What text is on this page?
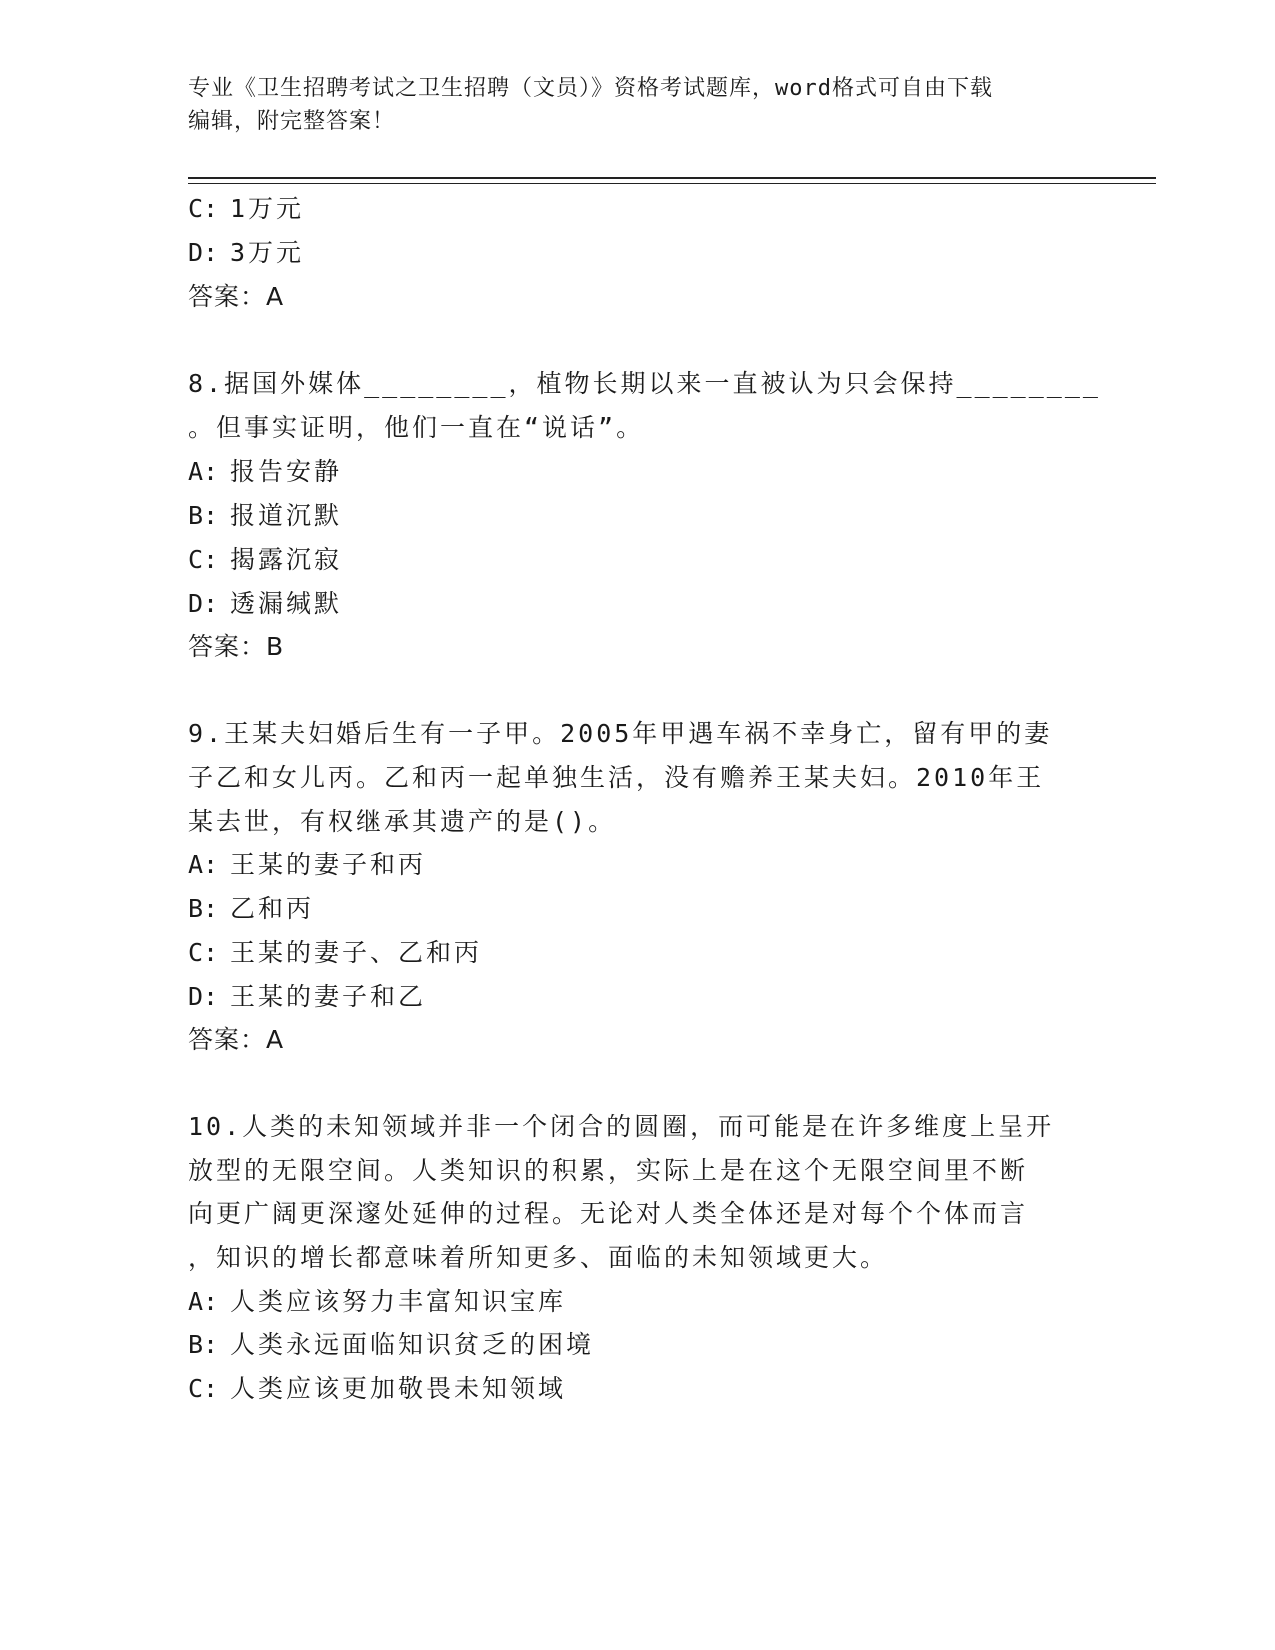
专业《卫生招聘考试之卫生招聘（文员）》资格考试题库，word格式可自由下载
编辑，附完整答案！
C: 1万元
D: 3万元
答案：A
8.据国外媒体________，植物长期以来一直被认为只会保持________
。但事实证明，他们一直在“说话”。
A: 报告安静
B: 报道沉默
C: 揭露沉寂
D: 透漏缄默
答案：B
9.王某夫妇婚后生有一子甲。2005年甲遇车祸不幸身亡，留有甲的妻
子乙和女儿丙。乙和丙一起单独生活，没有赡养王某夫妇。2010年王
某去世，有权继承其遗产的是()。
A: 王某的妻子和丙
B: 乙和丙
C: 王某的妻子、乙和丙
D: 王某的妻子和乙
答案：A
10.人类的未知领域并非一个闭合的圆圈，而可能是在许多维度上呈开
放型的无限空间。人类知识的积累，实际上是在这个无限空间里不断
向更广阔更深邃处延伸的过程。无论对人类全体还是对每个个体而言
，知识的增长都意味着所知更多、面临的未知领域更大。
A: 人类应该努力丰富知识宝库
B: 人类永远面临知识贫乏的困境
C: 人类应该更加敬畏未知领域
